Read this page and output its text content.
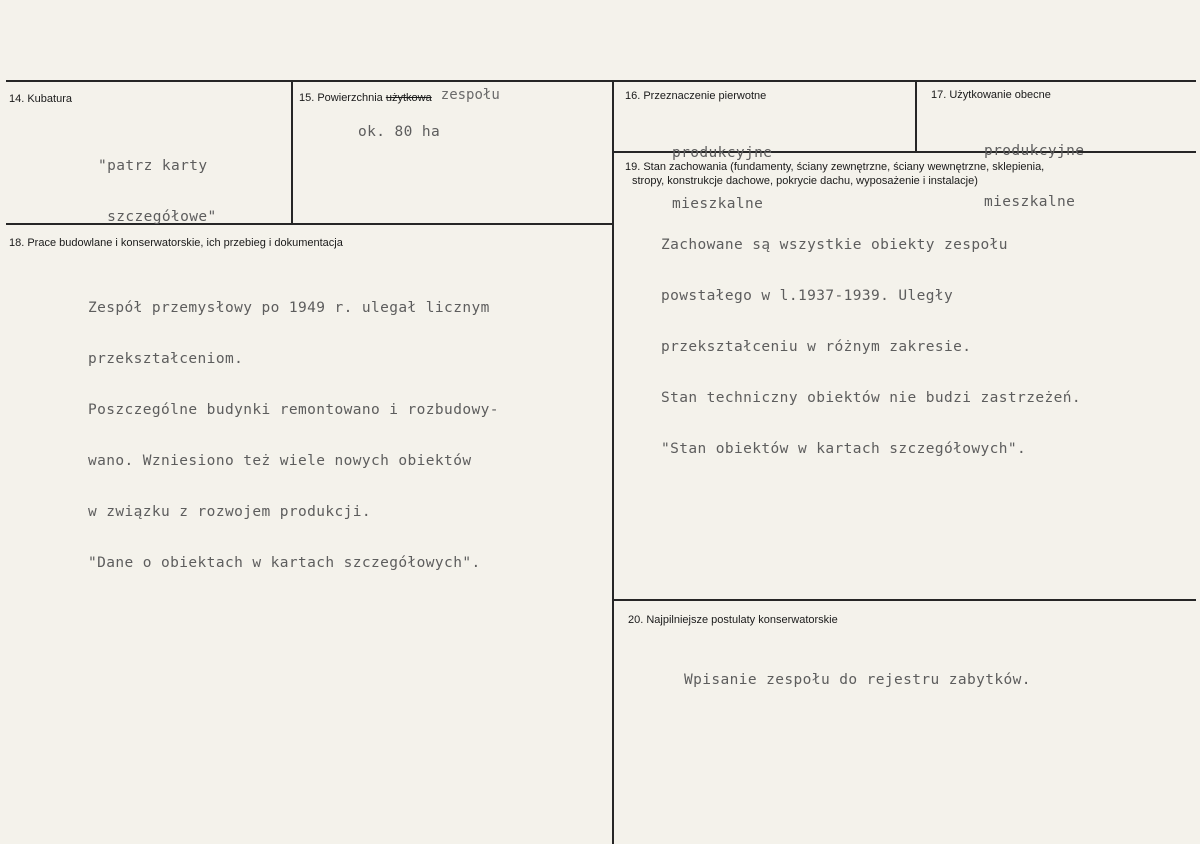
14. Kubatura

"patrz karty

szczegółowe"

15. Powierzchnia użytkowa zespołu
ok. 80 ha
16. Przeznaczenie pierwotne

produkcyjne

mieszkalne

17. Użytkowanie obecne

produkcyjne

mieszkalne

18. Prace budowlane i konserwatorskie, ich przebieg i dokumentacja

Zespół przemysłowy po 1949 r. ulegał licznym

przekształceniom.

Poszczególne budynki remontowano i rozbudowy-

wano. Wzniesiono też wiele nowych obiektów

w związku z rozwojem produkcji.

"Dane o obiektach w kartach szczegółowych".

19. Stan zachowania (fundamenty, ściany zewnętrzne, ściany wewnętrzne, sklepienia,
stropy, konstrukcje dachowe, pokrycie dachu, wyposażenie i instalacje)

Zachowane są wszystkie obiekty zespołu

powstałego w l.1937-1939. Uległy

przekształceniu w różnym zakresie.

Stan techniczny obiektów nie budzi zastrzeżeń.

"Stan obiektów w kartach szczegółowych".

20. Najpilniejsze postulaty konserwatorskie

Wpisanie zespołu do rejestru zabytków.
